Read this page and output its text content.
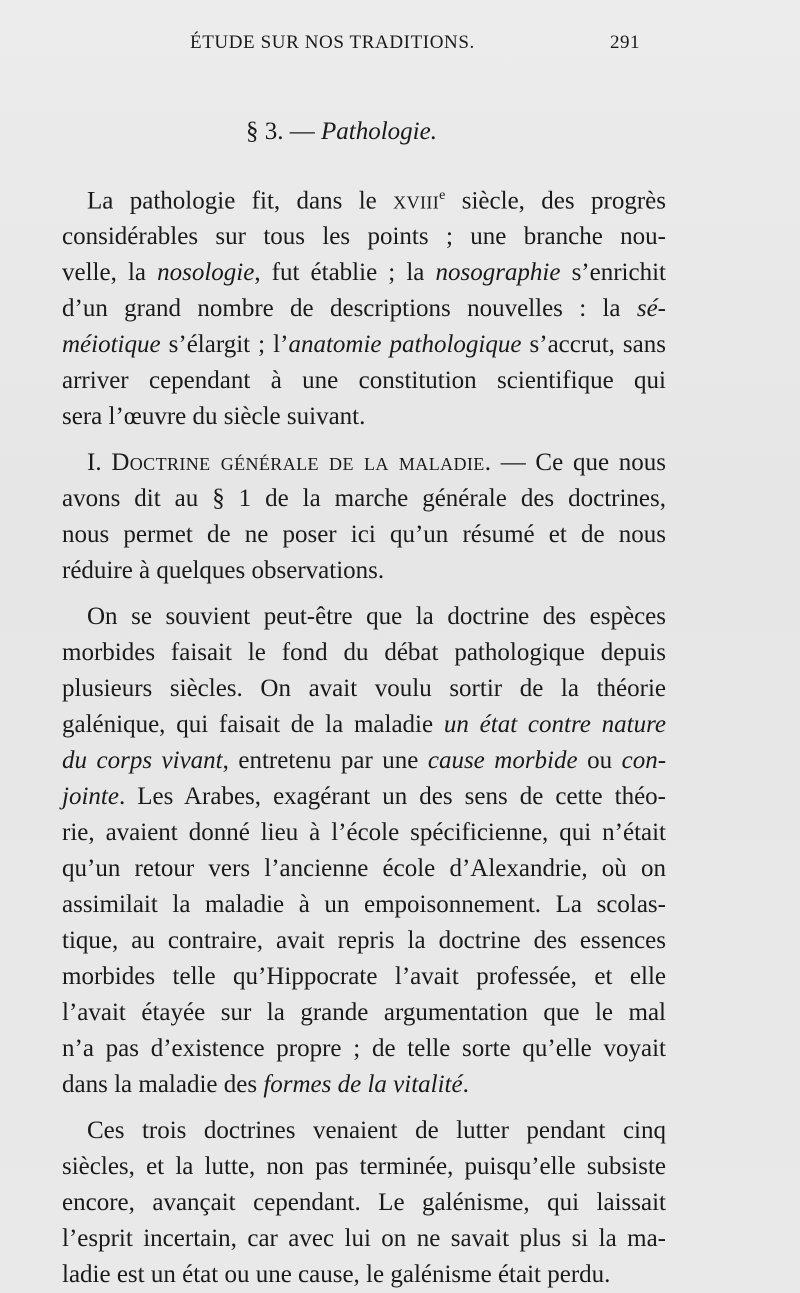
ÉTUDE SUR NOS TRADITIONS.	291
§ 3. — Pathologie.

 La pathologie fit, dans le xviii$^e$ siècle, des progrès
considérables sur tous les points ; une branche nou-
velle, la nosologie, fut établie ; la nosographie s’enrichit
d’un grand nombre de descriptions nouvelles : la sé-
méiotique s’élargit ; l’anatomie pathologique s’accrut, sans
arriver cependant à une constitution scientifique qui
sera l’œuvre du siècle suivant.

 I. Doctrine générale de la maladie. — Ce que nous
avons dit au § 1 de la marche générale des doctrines,
nous permet de ne poser ici qu’un résumé et de nous
réduire à quelques observations.

 On se souvient peut-être que la doctrine des espèces
morbides faisait le fond du débat pathologique depuis
plusieurs siècles. On avait voulu sortir de la théorie
galénique, qui faisait de la maladie un état contre nature
du corps vivant, entretenu par une cause morbide ou con-
jointe. Les Arabes, exagérant un des sens de cette théo-
rie, avaient donné lieu à l’école spécificienne, qui n’était
qu’un retour vers l’ancienne école d’Alexandrie, où on
assimilait la maladie à un empoisonnement. La scolas-
tique, au contraire, avait repris la doctrine des essences
morbides telle qu’Hippocrate l’avait professée, et elle
l’avait étayée sur la grande argumentation que le mal
n’a pas d’existence propre ; de telle sorte qu’elle voyait
dans la maladie des formes de la vitalité.

 Ces trois doctrines venaient de lutter pendant cinq
siècles, et la lutte, non pas terminée, puisqu’elle subsiste
encore, avançait cependant. Le galénisme, qui laissait
l’esprit incertain, car avec lui on ne savait plus si la ma-
ladie est un état ou une cause, le galénisme était perdu.
